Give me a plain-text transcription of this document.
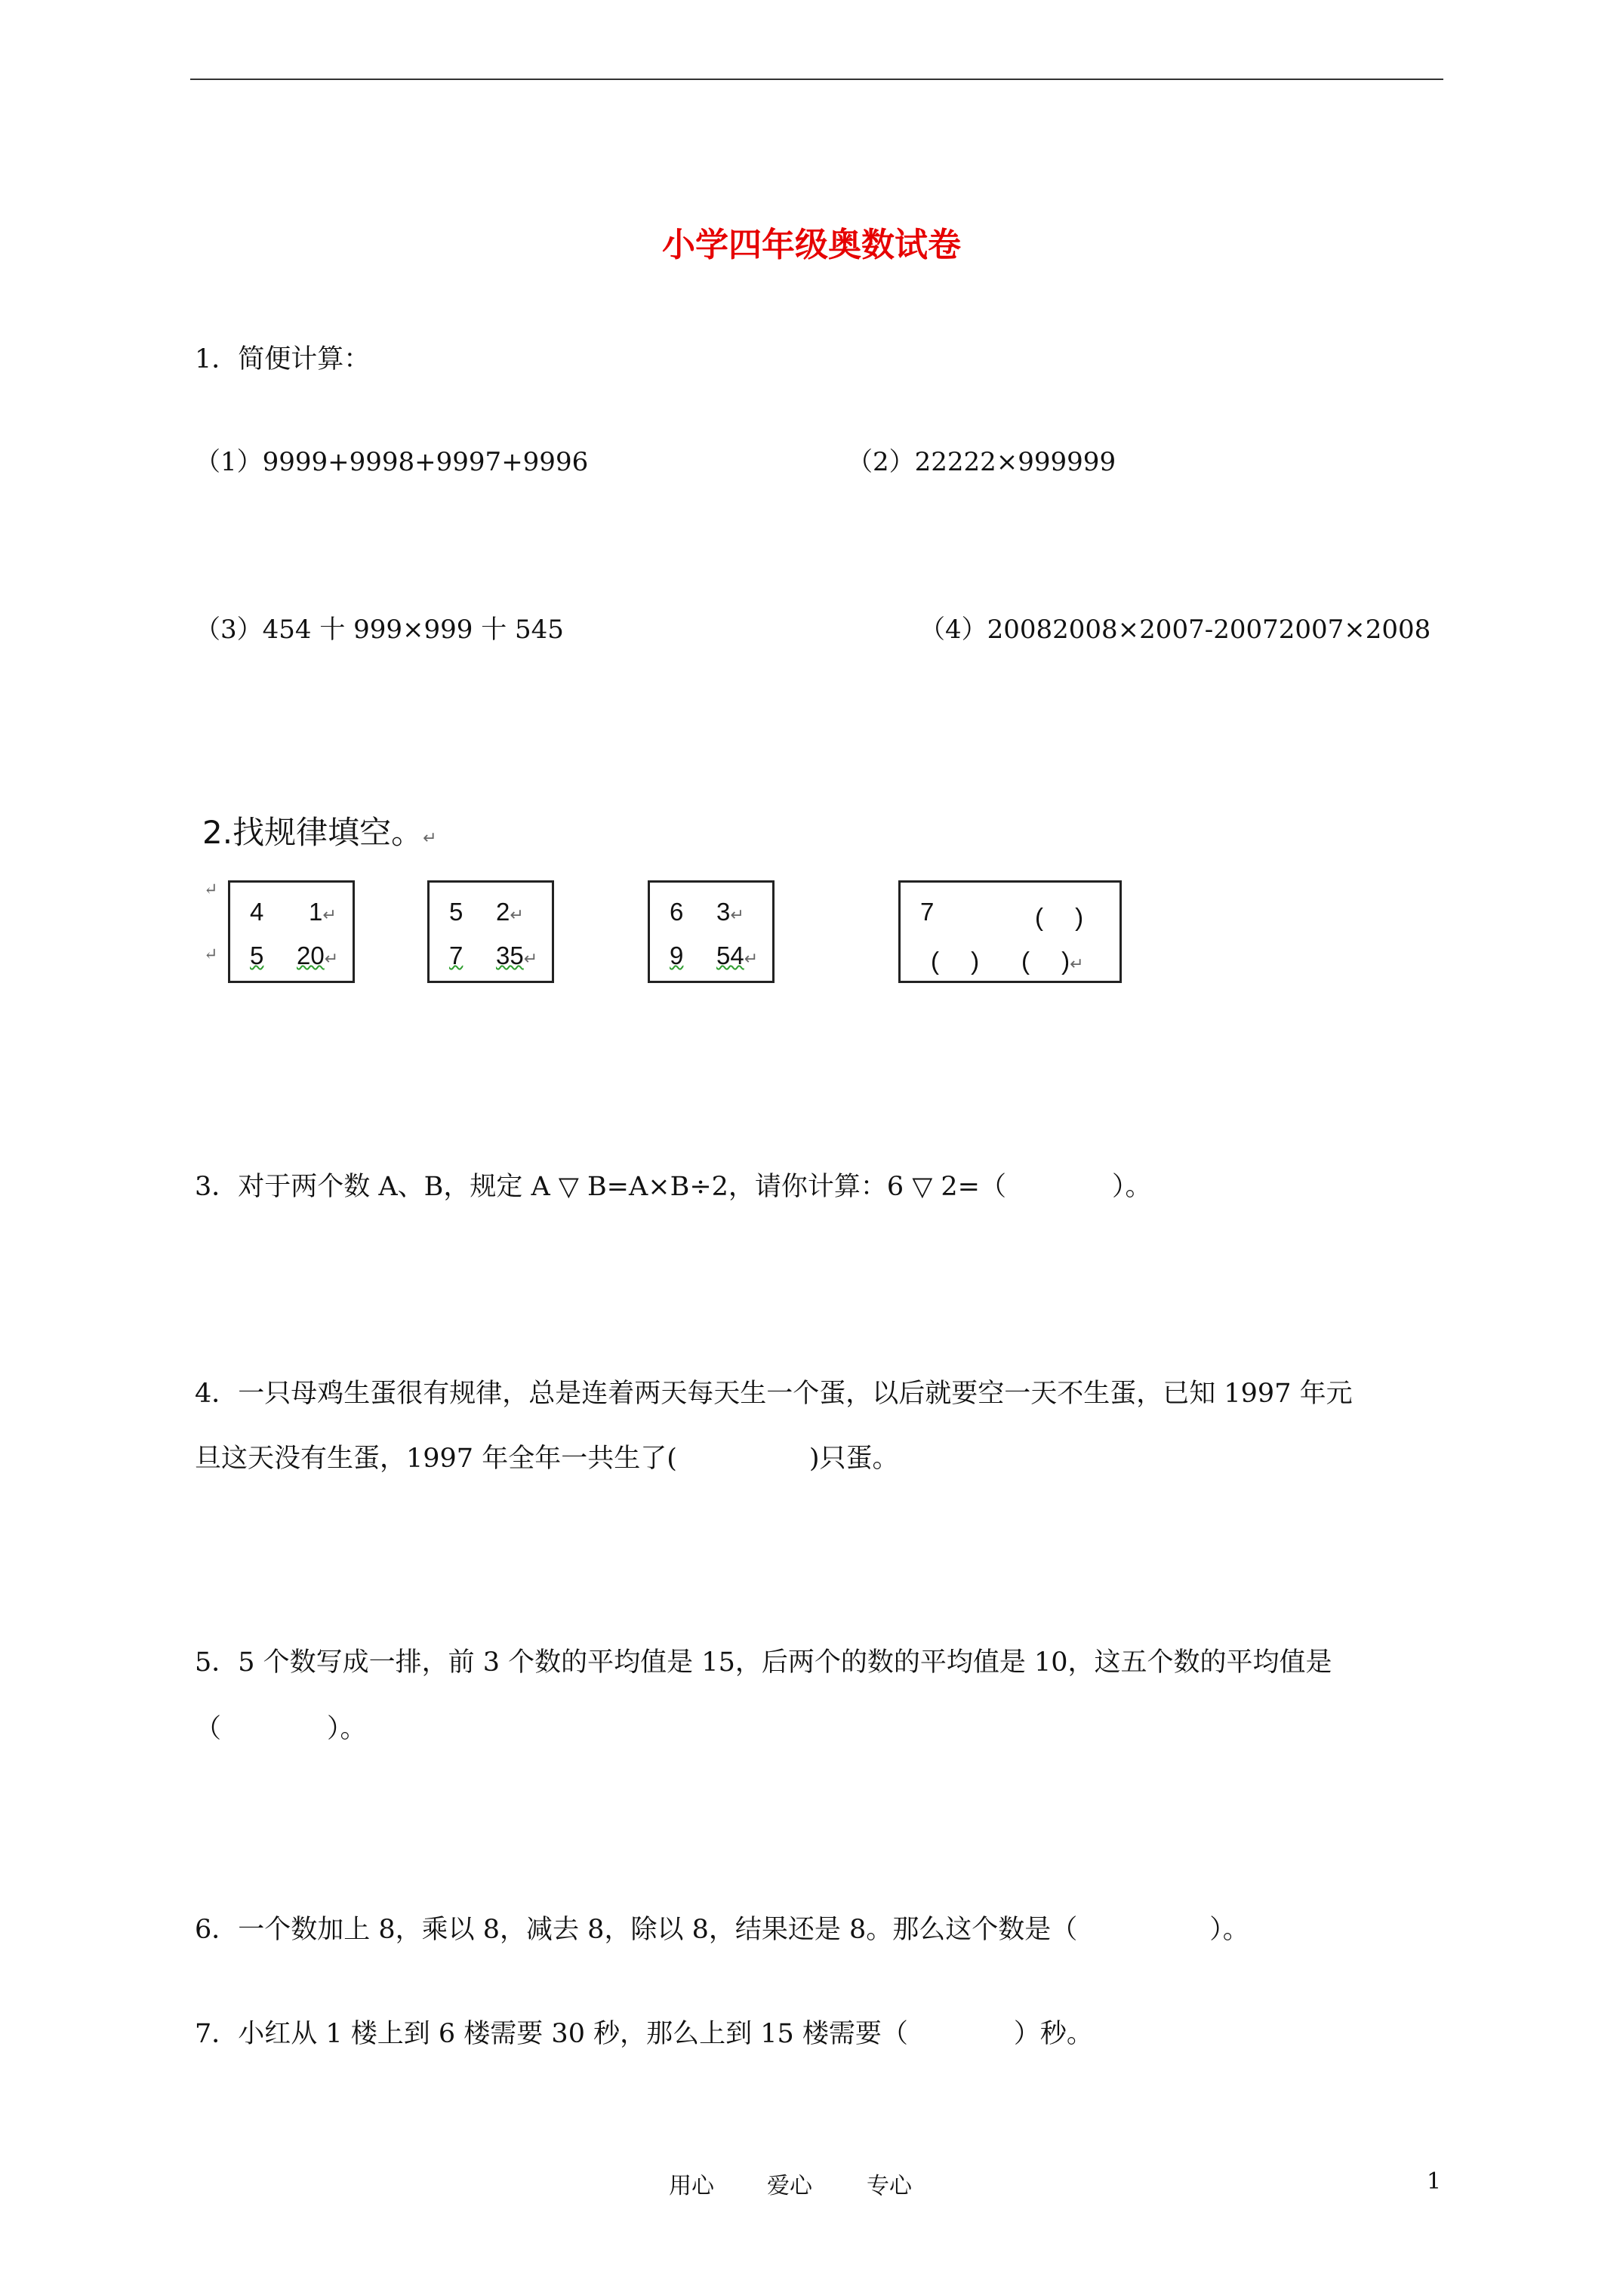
小学四年级奥数试卷
1．简便计算：
（1）9999+9998+9997+9996	（2）22222×999999
（3）454 十 999×999 十 545	（4）20082008×2007-20072007×2008
2.找规律填空。↵
↵
↵
4 1↵
5 20↵
5 2↵
7 35↵
6 3↵
9 54↵
7	(　 )
(　 ) (　 )↵
3．对于两个数 A、B，规定 A ▽ B=A×B÷2，请你计算：6 ▽ 2=（　　　　）。
4．一只母鸡生蛋很有规律，总是连着两天每天生一个蛋，以后就要空一天不生蛋，已知 1997 年元
旦这天没有生蛋，1997 年全年一共生了(　　　　　)只蛋。
5．5 个数写成一排，前 3 个数的平均值是 15，后两个的数的平均值是 10，这五个数的平均值是
（　　　　）。
6．一个数加上 8，乘以 8，减去 8，除以 8，结果还是 8。那么这个数是（　　　　　）。
7．小红从 1 楼上到 6 楼需要 30 秒，那么上到 15 楼需要（　　　　）秒。
用心 爱心 专心	1
